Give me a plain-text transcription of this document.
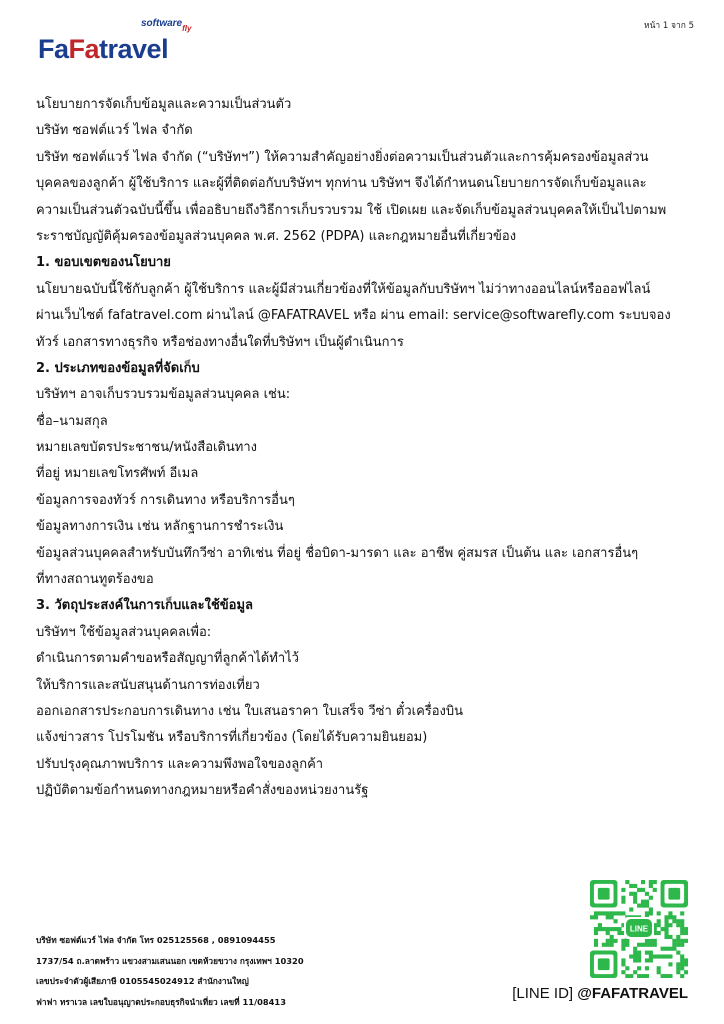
software$_{fly}$
FaFatravel
หน้า 1 จาก 5
นโยบายการจัดเก็บข้อมูลและความเป็นส่วนตัว
บริษัท ซอฟต์แวร์ ไฟล จำกัด
บริษัท ซอฟต์แวร์ ไฟล จำกัด (“บริษัทฯ”) ให้ความสำคัญอย่างยิ่งต่อความเป็นส่วนตัวและการคุ้มครองข้อมูลส่วน
บุคคลของลูกค้า ผู้ใช้บริการ และผู้ที่ติดต่อกับบริษัทฯ ทุกท่าน บริษัทฯ จึงได้กำหนดนโยบายการจัดเก็บข้อมูลและ
ความเป็นส่วนตัวฉบับนี้ขึ้น เพื่ออธิบายถึงวิธีการเก็บรวบรวม ใช้ เปิดเผย และจัดเก็บข้อมูลส่วนบุคคลให้เป็นไปตามพ
ระราชบัญญัติคุ้มครองข้อมูลส่วนบุคคล พ.ศ. 2562 (PDPA) และกฎหมายอื่นที่เกี่ยวข้อง
1. ขอบเขตของนโยบาย
นโยบายฉบับนี้ใช้กับลูกค้า ผู้ใช้บริการ และผู้มีส่วนเกี่ยวข้องที่ให้ข้อมูลกับบริษัทฯ ไม่ว่าทางออนไลน์หรือออฟไลน์
ผ่านเว็บไซต์ fafatravel.com ผ่านไลน์ @FAFATRAVEL หรือ ผ่าน email: service@softwarefly.com ระบบจอง
ทัวร์ เอกสารทางธุรกิจ หรือช่องทางอื่นใดที่บริษัทฯ เป็นผู้ดำเนินการ
2. ประเภทของข้อมูลที่จัดเก็บ
บริษัทฯ อาจเก็บรวบรวมข้อมูลส่วนบุคคล เช่น:
ชื่อ–นามสกุล
หมายเลขบัตรประชาชน/หนังสือเดินทาง
ที่อยู่ หมายเลขโทรศัพท์ อีเมล
ข้อมูลการจองทัวร์ การเดินทาง หรือบริการอื่นๆ
ข้อมูลทางการเงิน เช่น หลักฐานการชำระเงิน
ข้อมูลส่วนบุคคลสำหรับบันทึกวีซ่า อาทิเช่น ที่อยู่ ชื่อบิดา-มารดา และ อาชีพ คู่สมรส เป็นต้น และ เอกสารอื่นๆ
ที่ทางสถานทูตร้องขอ
3. วัตถุประสงค์ในการเก็บและใช้ข้อมูล
บริษัทฯ ใช้ข้อมูลส่วนบุคคลเพื่อ:
ดำเนินการตามคำขอหรือสัญญาที่ลูกค้าได้ทำไว้
ให้บริการและสนับสนุนด้านการท่องเที่ยว
ออกเอกสารประกอบการเดินทาง เช่น ใบเสนอราคา ใบเสร็จ วีซ่า ตั๋วเครื่องบิน
แจ้งข่าวสาร โปรโมชัน หรือบริการที่เกี่ยวข้อง (โดยได้รับความยินยอม)
ปรับปรุงคุณภาพบริการ และความพึงพอใจของลูกค้า
ปฏิบัติตามข้อกำหนดทางกฎหมายหรือคำสั่งของหน่วยงานรัฐ
บริษัท ซอฟต์แวร์ ไฟล จำกัด โทร 025125568 , 0891094455
1737/54 ถ.ลาดพร้าว แขวงสามเสนนอก เขตห้วยขวาง กรุงเทพฯ 10320
เลขประจำตัวผู้เสียภาษี 0105545024912 สำนักงานใหญ่
ฟาฟา ทราเวล เลขใบอนุญาตประกอบธุรกิจนำเที่ยว เลขที่ 11/08413
LINE
[LINE ID] @FAFATRAVEL
